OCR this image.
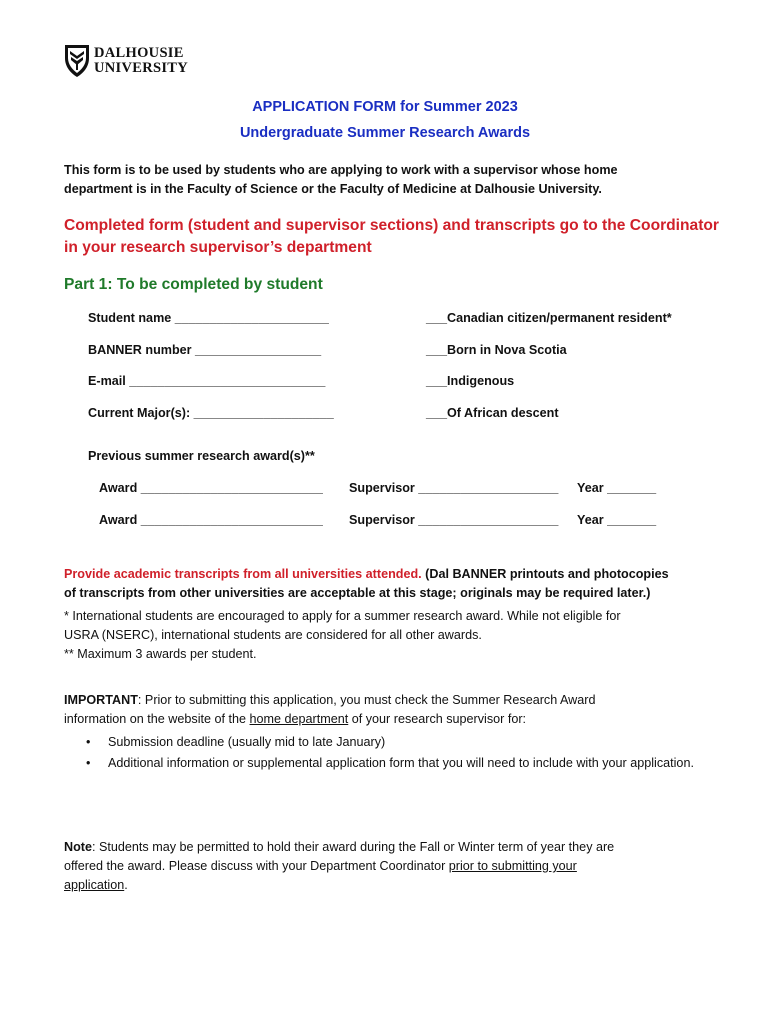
DALHOUSIE
UNIVERSITY
APPLICATION FORM for Summer 2023
Undergraduate Summer Research Awards
This form is to be used by students who are applying to work with a supervisor whose home
department is in the Faculty of Science or the Faculty of Medicine at Dalhousie University.
Completed form (student and supervisor sections) and transcripts go to the Coordinator
in your research supervisor’s department
Part 1: To be completed by student
Student name ______________________
BANNER number __________________
E-mail ____________________________
Current Major(s): ____________________
___Canadian citizen/permanent resident*
___Born in Nova Scotia
___Indigenous
___Of African descent
Previous summer research award(s)**
Award __________________________ Supervisor ____________________ Year _______
Award __________________________ Supervisor ____________________ Year _______
Provide academic transcripts from all universities attended. (Dal BANNER printouts and photocopies
of transcripts from other universities are acceptable at this stage; originals may be required later.)
* International students are encouraged to apply for a summer research award. While not eligible for
USRA (NSERC), international students are considered for all other awards.
** Maximum 3 awards per student.
IMPORTANT: Prior to submitting this application, you must check the Summer Research Award
information on the website of the home department of your research supervisor for:
• Submission deadline (usually mid to late January)
• Additional information or supplemental application form that you will need to include with your application.
Note: Students may be permitted to hold their award during the Fall or Winter term of year they are
offered the award. Please discuss with your Department Coordinator prior to submitting your
application.
